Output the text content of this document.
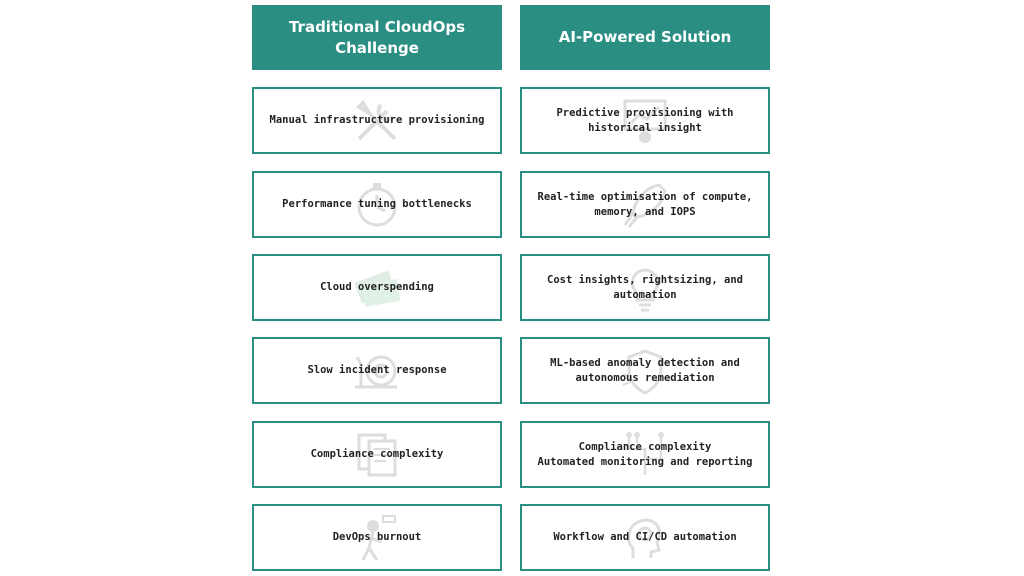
Traditional CloudOps
Challenge
AI-Powered Solution
Manual infrastructure provisioning
Predictive provisioning with
historical insight
Performance tuning bottlenecks
Real-time optimisation of compute,
memory, and IOPS
Cloud overspending
Cost insights, rightsizing, and
automation
Slow incident response
ML-based anomaly detection and
autonomous remediation
Compliance complexity
Compliance complexity
Automated monitoring and reporting
DevOps burnout	Workflow and CI/CD automation
